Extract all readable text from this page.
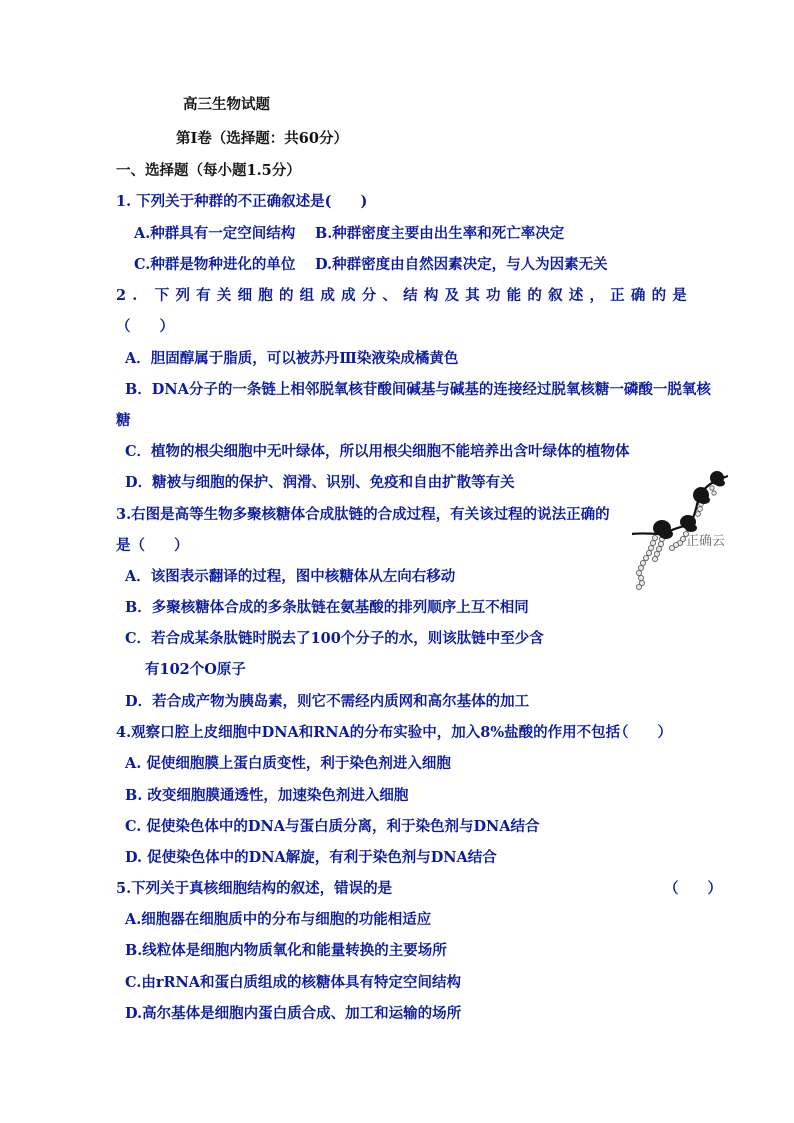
高三生物试题
第Ⅰ卷（选择题：共60分）
一、选择题（每小题1.5分）
1. 下列关于种群的不正确叙述是(　　)
A.种群具有一定空间结构 B.种群密度主要由出生率和死亡率决定
C.种群是物种进化的单位 D.种群密度由自然因素决定，与人为因素无关
2. 下列有关细胞的组成成分、结构及其功能的叙述，正确的是
（　　）
A．胆固醇属于脂质，可以被苏丹Ⅲ染液染成橘黄色
B．DNA分子的一条链上相邻脱氧核苷酸间碱基与碱基的连接经过脱氧核糖一磷酸一脱氧核
糖
C．植物的根尖细胞中无叶绿体，所以用根尖细胞不能培养出含叶绿体的植物体
D．糖被与细胞的保护、润滑、识别、免疫和自由扩散等有关
3.右图是高等生物多聚核糖体合成肽链的合成过程，有关该过程的说法正确的
是（　　）
A．该图表示翻译的过程，图中核糖体从左向右移动
B．多聚核糖体合成的多条肽链在氨基酸的排列顺序上互不相同
C．若合成某条肽链时脱去了100个分子的水，则该肽链中至少含
有102个O原子
D．若合成产物为胰岛素，则它不需经内质网和高尔基体的加工
正确云
4.观察口腔上皮细胞中DNA和RNA的分布实验中，加入8%盐酸的作用不包括
（　　）
A. 促使细胞膜上蛋白质变性，利于染色剂进入细胞
B. 改变细胞膜通透性，加速染色剂进入细胞
C. 促使染色体中的DNA与蛋白质分离，利于染色剂与DNA结合
D. 促使染色体中的DNA解旋，有利于染色剂与DNA结合
5.下列关于真核细胞结构的叙述，错误的是	（　　）
A.细胞器在细胞质中的分布与细胞的功能相适应
B.线粒体是细胞内物质氧化和能量转换的主要场所
C.由rRNA和蛋白质组成的核糖体具有特定空间结构
D.高尔基体是细胞内蛋白质合成、加工和运输的场所
